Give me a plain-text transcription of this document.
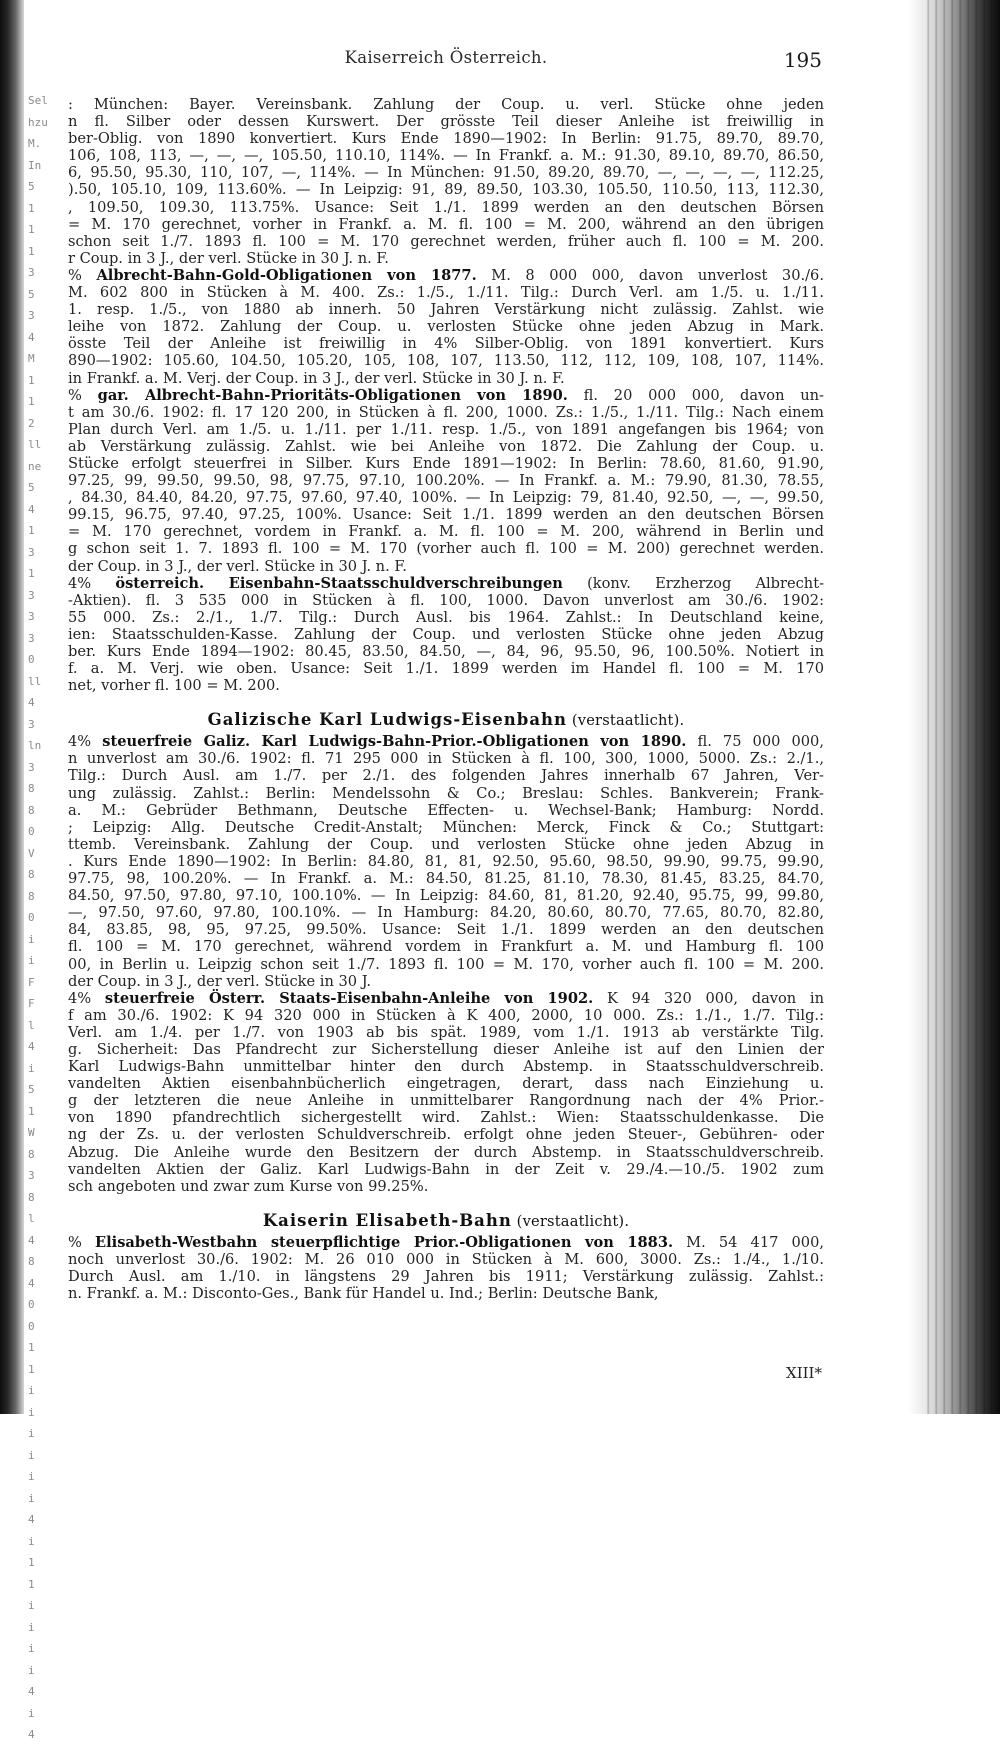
Sel
hzu
M.
In
5
1
1
1
3
5
3
4
M
1
1
2
ll
ne
5
4
1
3
1
3
3
3
0
ll
4
3
ln
3
8
8
0
V
8
8
0
i
i
F
F
l
4
i
5
1
W
8
3
8
l
4
8
4
0
0
1
1
i
i
i
i
i
i
4
i
1
1
i
i
i
i
4
i
4
Kaiserreich Österreich.	195
: München: Bayer. Vereinsbank. Zahlung der Coup. u. verl. Stücke ohne jeden
n fl. Silber oder dessen Kurswert. Der grösste Teil dieser Anleihe ist freiwillig in
ber-Oblig. von 1890 konvertiert. Kurs Ende 1890—1902: In Berlin: 91.75, 89.70, 89.70,
106, 108, 113, —, —, —, 105.50, 110.10, 114%. — In Frankf. a. M.: 91.30, 89.10, 89.70, 86.50,
6, 95.50, 95.30, 110, 107, —, 114%. — In München: 91.50, 89.20, 89.70, —, —, —, —, 112.25,
).50, 105.10, 109, 113.60%. — In Leipzig: 91, 89, 89.50, 103.30, 105.50, 110.50, 113, 112.30,
, 109.50, 109.30, 113.75%. Usance: Seit 1./1. 1899 werden an den deutschen Börsen
= M. 170 gerechnet, vorher in Frankf. a. M. fl. 100 = M. 200, während an den übrigen
schon seit 1./7. 1893 fl. 100 = M. 170 gerechnet werden, früher auch fl. 100 = M. 200.
r Coup. in 3 J., der verl. Stücke in 30 J. n. F.
% Albrecht-Bahn-Gold-Obligationen von 1877. M. 8 000 000, davon unverlost 30./6.
M. 602 800 in Stücken à M. 400. Zs.: 1./5., 1./11. Tilg.: Durch Verl. am 1./5. u. 1./11.
1. resp. 1./5., von 1880 ab innerh. 50 Jahren Verstärkung nicht zulässig. Zahlst. wie
leihe von 1872. Zahlung der Coup. u. verlosten Stücke ohne jeden Abzug in Mark.
össte Teil der Anleihe ist freiwillig in 4% Silber-Oblig. von 1891 konvertiert. Kurs
890—1902: 105.60, 104.50, 105.20, 105, 108, 107, 113.50, 112, 112, 109, 108, 107, 114%.
in Frankf. a. M. Verj. der Coup. in 3 J., der verl. Stücke in 30 J. n. F.
% gar. Albrecht-Bahn-Prioritäts-Obligationen von 1890. fl. 20 000 000, davon un-
t am 30./6. 1902: fl. 17 120 200, in Stücken à fl. 200, 1000. Zs.: 1./5., 1./11. Tilg.: Nach einem
Plan durch Verl. am 1./5. u. 1./11. per 1./11. resp. 1./5., von 1891 angefangen bis 1964; von
ab Verstärkung zulässig. Zahlst. wie bei Anleihe von 1872. Die Zahlung der Coup. u.
Stücke erfolgt steuerfrei in Silber. Kurs Ende 1891—1902: In Berlin: 78.60, 81.60, 91.90,
97.25, 99, 99.50, 99.50, 98, 97.75, 97.10, 100.20%. — In Frankf. a. M.: 79.90, 81.30, 78.55,
, 84.30, 84.40, 84.20, 97.75, 97.60, 97.40, 100%. — In Leipzig: 79, 81.40, 92.50, —, —, 99.50,
99.15, 96.75, 97.40, 97.25, 100%. Usance: Seit 1./1. 1899 werden an den deutschen Börsen
= M. 170 gerechnet, vordem in Frankf. a. M. fl. 100 = M. 200, während in Berlin und
g schon seit 1. 7. 1893 fl. 100 = M. 170 (vorher auch fl. 100 = M. 200) gerechnet werden.
der Coup. in 3 J., der verl. Stücke in 30 J. n. F.
4% österreich. Eisenbahn-Staatsschuldverschreibungen (konv. Erzherzog Albrecht-
-Aktien). fl. 3 535 000 in Stücken à fl. 100, 1000. Davon unverlost am 30./6. 1902:
55 000. Zs.: 2./1., 1./7. Tilg.: Durch Ausl. bis 1964. Zahlst.: In Deutschland keine,
ien: Staatsschulden-Kasse. Zahlung der Coup. und verlosten Stücke ohne jeden Abzug
ber. Kurs Ende 1894—1902: 80.45, 83.50, 84.50, —, 84, 96, 95.50, 96, 100.50%. Notiert in
f. a. M. Verj. wie oben. Usance: Seit 1./1. 1899 werden im Handel fl. 100 = M. 170
net, vorher fl. 100 = M. 200.
Galizische Karl Ludwigs-Eisenbahn (verstaatlicht).
4% steuerfreie Galiz. Karl Ludwigs-Bahn-Prior.-Obligationen von 1890. fl. 75 000 000,
n unverlost am 30./6. 1902: fl. 71 295 000 in Stücken à fl. 100, 300, 1000, 5000. Zs.: 2./1.,
Tilg.: Durch Ausl. am 1./7. per 2./1. des folgenden Jahres innerhalb 67 Jahren, Ver-
ung zulässig. Zahlst.: Berlin: Mendelssohn & Co.; Breslau: Schles. Bankverein; Frank-
a. M.: Gebrüder Bethmann, Deutsche Effecten- u. Wechsel-Bank; Hamburg: Nordd.
; Leipzig: Allg. Deutsche Credit-Anstalt; München: Merck, Finck & Co.; Stuttgart:
ttemb. Vereinsbank. Zahlung der Coup. und verlosten Stücke ohne jeden Abzug in
. Kurs Ende 1890—1902: In Berlin: 84.80, 81, 81, 92.50, 95.60, 98.50, 99.90, 99.75, 99.90,
97.75, 98, 100.20%. — In Frankf. a. M.: 84.50, 81.25, 81.10, 78.30, 81.45, 83.25, 84.70,
84.50, 97.50, 97.80, 97.10, 100.10%. — In Leipzig: 84.60, 81, 81.20, 92.40, 95.75, 99, 99.80,
—, 97.50, 97.60, 97.80, 100.10%. — In Hamburg: 84.20, 80.60, 80.70, 77.65, 80.70, 82.80,
84, 83.85, 98, 95, 97.25, 99.50%. Usance: Seit 1./1. 1899 werden an den deutschen
fl. 100 = M. 170 gerechnet, während vordem in Frankfurt a. M. und Hamburg fl. 100
00, in Berlin u. Leipzig schon seit 1./7. 1893 fl. 100 = M. 170, vorher auch fl. 100 = M. 200.
der Coup. in 3 J., der verl. Stücke in 30 J.
4% steuerfreie Österr. Staats-Eisenbahn-Anleihe von 1902. K 94 320 000, davon in
f am 30./6. 1902: K 94 320 000 in Stücken à K 400, 2000, 10 000. Zs.: 1./1., 1./7. Tilg.:
Verl. am 1./4. per 1./7. von 1903 ab bis spät. 1989, vom 1./1. 1913 ab verstärkte Tilg.
g. Sicherheit: Das Pfandrecht zur Sicherstellung dieser Anleihe ist auf den Linien der
Karl Ludwigs-Bahn unmittelbar hinter den durch Abstemp. in Staatsschuldverschreib.
vandelten Aktien eisenbahnbücherlich eingetragen, derart, dass nach Einziehung u.
g der letzteren die neue Anleihe in unmittelbarer Rangordnung nach der 4% Prior.-
von 1890 pfandrechtlich sichergestellt wird. Zahlst.: Wien: Staatsschuldenkasse. Die
ng der Zs. u. der verlosten Schuldverschreib. erfolgt ohne jeden Steuer-, Gebühren- oder
Abzug. Die Anleihe wurde den Besitzern der durch Abstemp. in Staatsschuldverschreib.
vandelten Aktien der Galiz. Karl Ludwigs-Bahn in der Zeit v. 29./4.—10./5. 1902 zum
sch angeboten und zwar zum Kurse von 99.25%.
Kaiserin Elisabeth-Bahn (verstaatlicht).
% Elisabeth-Westbahn steuerpflichtige Prior.-Obligationen von 1883. M. 54 417 000,
noch unverlost 30./6. 1902: M. 26 010 000 in Stücken à M. 600, 3000. Zs.: 1./4., 1./10.
Durch Ausl. am 1./10. in längstens 29 Jahren bis 1911; Verstärkung zulässig. Zahlst.:
n. Frankf. a. M.: Disconto-Ges., Bank für Handel u. Ind.; Berlin: Deutsche Bank,
XIII*
